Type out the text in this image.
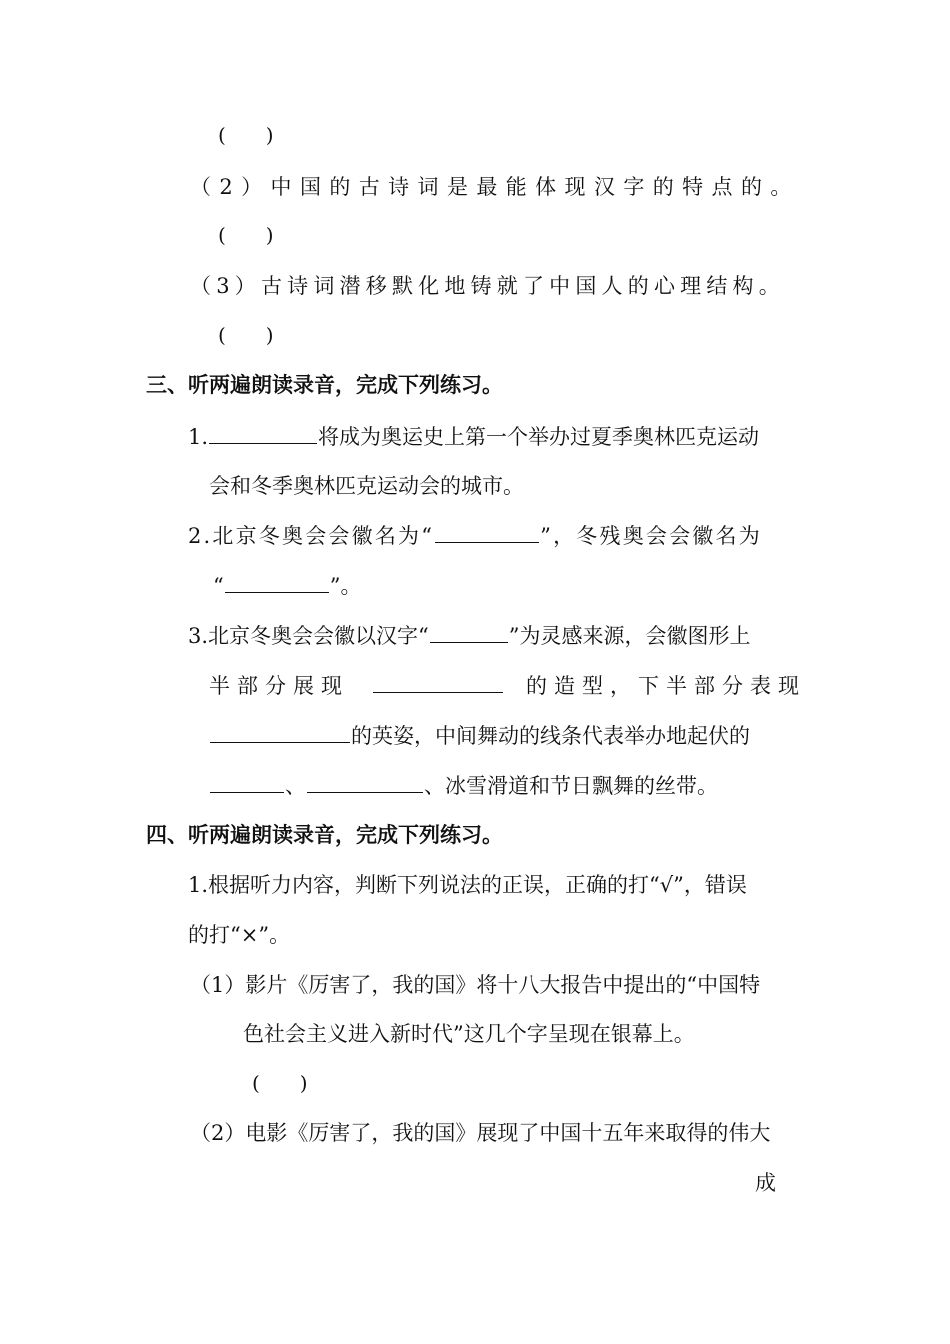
(　　)
（2）中国的古诗词是最能体现汉字的特点的。
(　　)
（3）古诗词潜移默化地铸就了中国人的心理结构。
(　　)
三、听两遍朗读录音，完成下列练习。
1.	将成为奥运史上第一个举办过夏季奥林匹克运动
会和冬季奥林匹克运动会的城市。
2.北京冬奥会会徽名为“	”，冬残奥会会徽名为
“	”。
3.北京冬奥会会徽以汉字“	”为灵感来源，会徽图形上
半部分展现	的造型，下半部分表现
的英姿，中间舞动的线条代表举办地起伏的
、	、冰雪滑道和节日飘舞的丝带。
四、听两遍朗读录音，完成下列练习。
1.根据听力内容，判断下列说法的正误，正确的打“√”，错误
的打“×”。
（1）影片《厉害了，我的国》将十八大报告中提出的“中国特
色社会主义进入新时代”这几个字呈现在银幕上。
(　　)
（2）电影《厉害了，我的国》展现了中国十五年来取得的伟大
成
